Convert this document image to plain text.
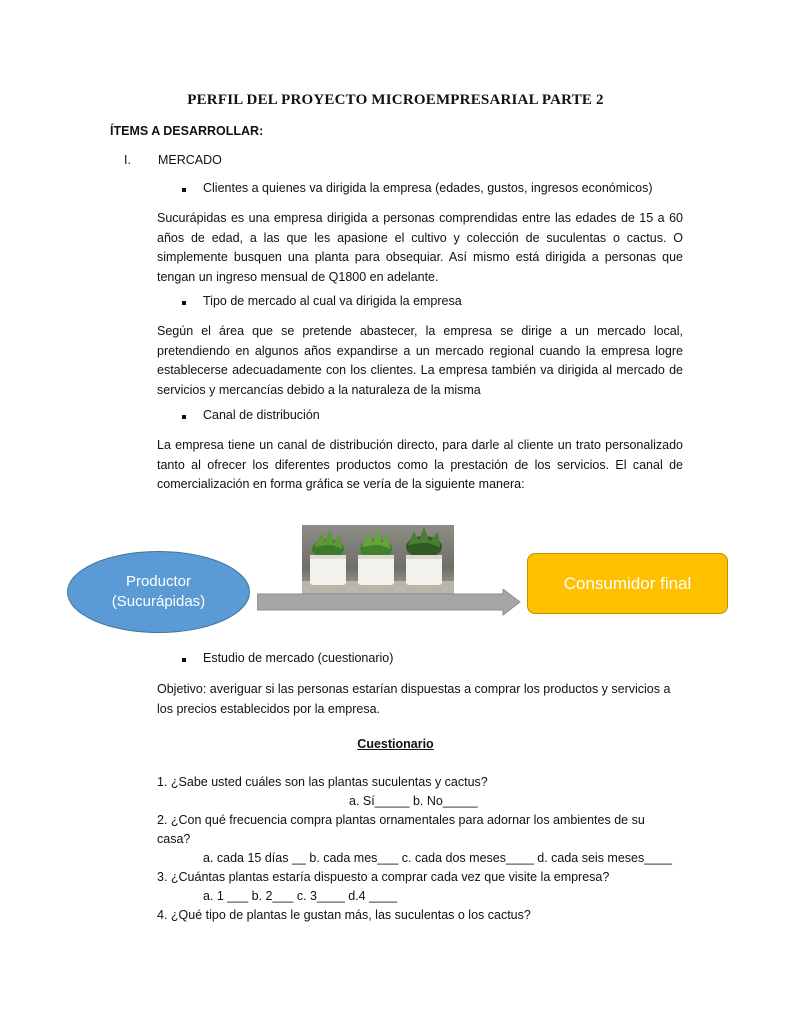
PERFIL DEL PROYECTO MICROEMPRESARIAL PARTE 2
ÍTEMS A DESARROLLAR:
I. MERCADO
Clientes a quienes va dirigida la empresa (edades, gustos, ingresos económicos)
Sucurápidas es una empresa dirigida a personas comprendidas entre las edades de 15 a 60 años de edad, a las que les apasione el cultivo y colección de suculentas o cactus. O simplemente busquen una planta para obsequiar. Así mismo está dirigida a personas que tengan un ingreso mensual de Q1800 en adelante.
Tipo de mercado al cual va dirigida la empresa
Según el área que se pretende abastecer, la empresa se dirige a un mercado local, pretendiendo en algunos años expandirse a un mercado regional cuando la empresa logre establecerse adecuadamente con los clientes. La empresa también va dirigida al mercado de servicios y mercancías debido a la naturaleza de la misma
Canal de distribución
La empresa tiene un canal de distribución directo, para darle al cliente un trato personalizado tanto al ofrecer los diferentes productos como la prestación de los servicios. El canal de comercialización en forma gráfica se vería de la siguiente manera:
Productor
(Sucurápidas)
Consumidor final
Estudio de mercado (cuestionario)
Objetivo: averiguar si las personas estarían dispuestas a comprar los productos y servicios a los precios establecidos por la empresa.
Cuestionario
1. ¿Sabe usted cuáles son las plantas suculentas y cactus?
a. Sí_____ b. No_____
2. ¿Con qué frecuencia compra plantas ornamentales para adornar los ambientes de su
casa?
a. cada 15 días __ b. cada mes___ c. cada dos meses____ d. cada seis meses____
3. ¿Cuántas plantas estaría dispuesto a comprar cada vez que visite la empresa?
a. 1 ___ b. 2___ c. 3____ d.4 ____
4. ¿Qué tipo de plantas le gustan más, las suculentas o los cactus?
